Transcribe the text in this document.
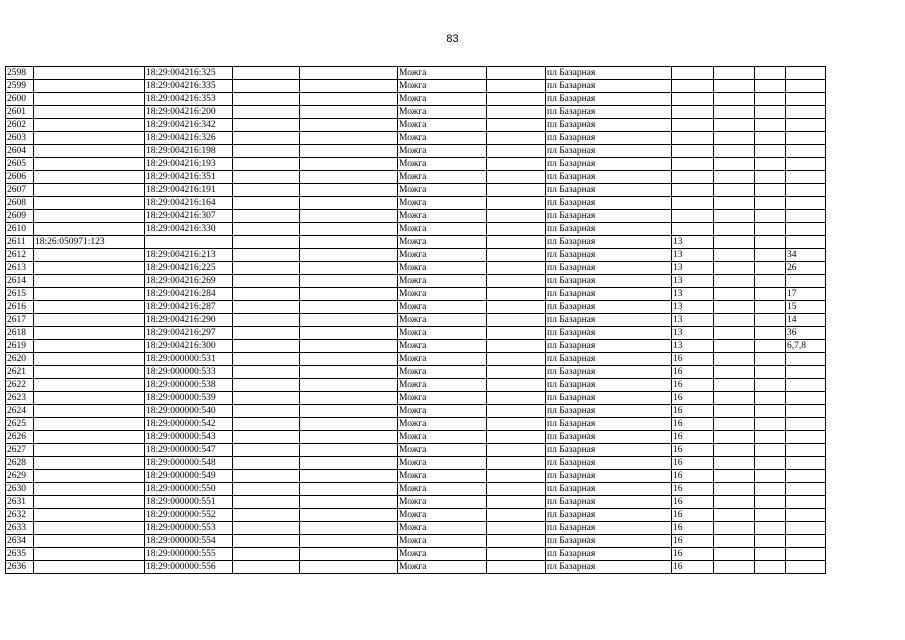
83
2598		18:29:004216:325			Можга		пл Базарная				
2599		18:29:004216:335			Можга		пл Базарная				
2600		18:29:004216:353			Можга		пл Базарная				
2601		18:29:004216:200			Можга		пл Базарная				
2602		18:29:004216:342			Можга		пл Базарная				
2603		18:29:004216:326			Можга		пл Базарная				
2604		18:29:004216:198			Можга		пл Базарная				
2605		18:29:004216:193			Можга		пл Базарная				
2606		18:29:004216:351			Можга		пл Базарная				
2607		18:29:004216:191			Можга		пл Базарная				
2608		18:29:004216:164			Можга		пл Базарная				
2609		18:29:004216:307			Можга		пл Базарная				
2610		18:29:004216:330			Можга		пл Базарная				
2611	18:26:050971:123				Можга		пл Базарная	13			
2612		18:29:004216:213			Можга		пл Базарная	13			34
2613		18:29:004216:225			Можга		пл Базарная	13			26
2614		18:29:004216:269			Можга		пл Базарная	13			
2615		18:29:004216:284			Можга		пл Базарная	13			17
2616		18:29:004216:287			Можга		пл Базарная	13			15
2617		18:29:004216:290			Можга		пл Базарная	13			14
2618		18:29:004216:297			Можга		пл Базарная	13			36
2619		18:29:004216:300			Можга		пл Базарная	13			6,7,8
2620		18:29:000000:531			Можга		пл Базарная	16			
2621		18:29:000000:533			Можга		пл Базарная	16			
2622		18:29:000000:538			Можга		пл Базарная	16			
2623		18:29:000000:539			Можга		пл Базарная	16			
2624		18:29:000000:540			Можга		пл Базарная	16			
2625		18:29:000000:542			Можга		пл Базарная	16			
2626		18:29:000000:543			Можга		пл Базарная	16			
2627		18:29:000000:547			Можга		пл Базарная	16			
2628		18:29:000000:548			Можга		пл Базарная	16			
2629		18:29:000000:549			Можга		пл Базарная	16			
2630		18:29:000000:550			Можга		пл Базарная	16			
2631		18:29:000000:551			Можга		пл Базарная	16			
2632		18:29:000000:552			Можга		пл Базарная	16			
2633		18:29:000000:553			Можга		пл Базарная	16			
2634		18:29:000000:554			Можга		пл Базарная	16			
2635		18:29:000000:555			Можга		пл Базарная	16			
2636		18:29:000000:556			Можга		пл Базарная	16			
